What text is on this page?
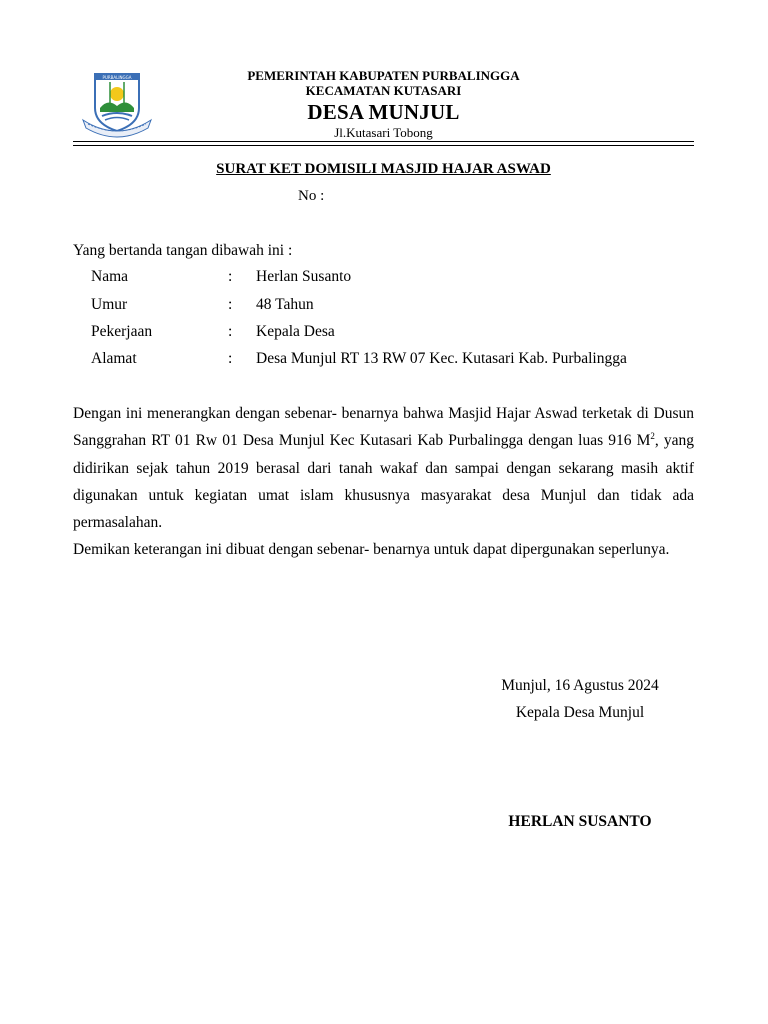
PURBALINGGA	PEMERINTAH KABUPATEN PURBALINGGA
KECAMATAN KUTASARI
DESA MUNJUL
Jl.Kutasari Tobong
SURAT KET DOMISILI MASJID HAJAR ASWAD
No :
Yang bertanda tangan dibawah ini :
Nama	: Herlan Susanto
Umur	: 48 Tahun
Pekerjaan	: Kepala Desa
Alamat	: Desa Munjul RT 13 RW 07 Kec. Kutasari Kab. Purbalingga
Dengan ini menerangkan dengan sebenar- benarnya bahwa Masjid Hajar Aswad terketak di Dusun Sanggrahan RT 01 Rw 01 Desa Munjul Kec Kutasari Kab Purbalingga dengan luas 916 $M^2$, yang didirikan sejak tahun 2019 berasal dari tanah wakaf dan sampai dengan sekarang masih aktif digunakan untuk kegiatan umat islam khususnya masyarakat desa Munjul dan tidak ada permasalahan.
Demikan keterangan ini dibuat dengan sebenar- benarnya untuk dapat dipergunakan seperlunya.
Munjul, 16 Agustus 2024
Kepala Desa Munjul
HERLAN SUSANTO
